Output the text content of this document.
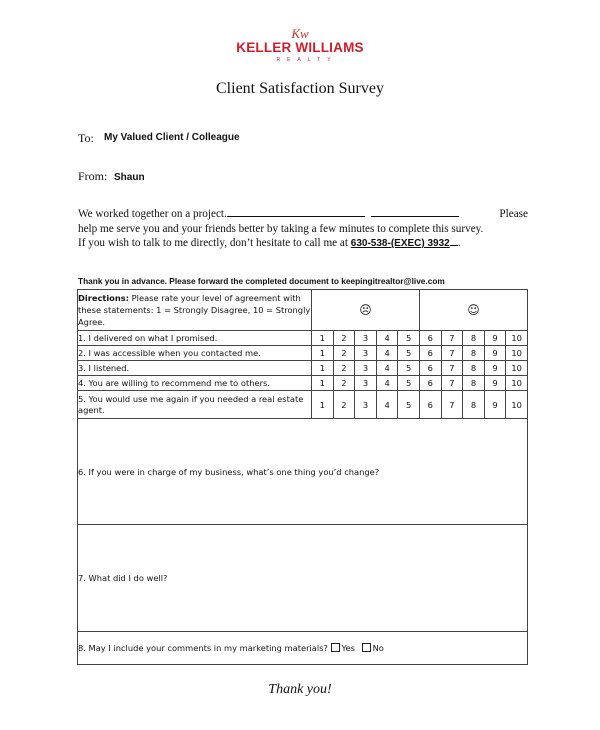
Kw
KELLER WILLIAMS
REALTY
Client Satisfaction Survey
To: My Valued Client / Colleague
From: Shaun
We worked together on a project.	Please
help me serve you and your friends better by taking a few minutes to complete this survey.
If you wish to talk to me directly, don’t hesitate to call me at 630-538-(EXEC) 3932 .
Thank you in advance. Please forward the completed document to keepingitrealtor@live.com
Directions: Please rate your level of agreement with these statements: 1 = Strongly Disagree, 10 = Strongly Agree.	☹					☺				
1. I delivered on what I promised.	1	2	3	4	5	6	7	8	9	10
2. I was accessible when you contacted me.	1	2	3	4	5	6	7	8	9	10
3. I listened.	1	2	3	4	5	6	7	8	9	10
4. You are willing to recommend me to others.	1	2	3	4	5	6	7	8	9	10
5. You would use me again if you needed a real estate agent.	1	2	3	4	5	6	7	8	9	10
6. If you were in charge of my business, what’s one thing you’d change?										
7. What did I do well?										
8. May I include your comments in my marketing materials? Yes No										
Thank you!
